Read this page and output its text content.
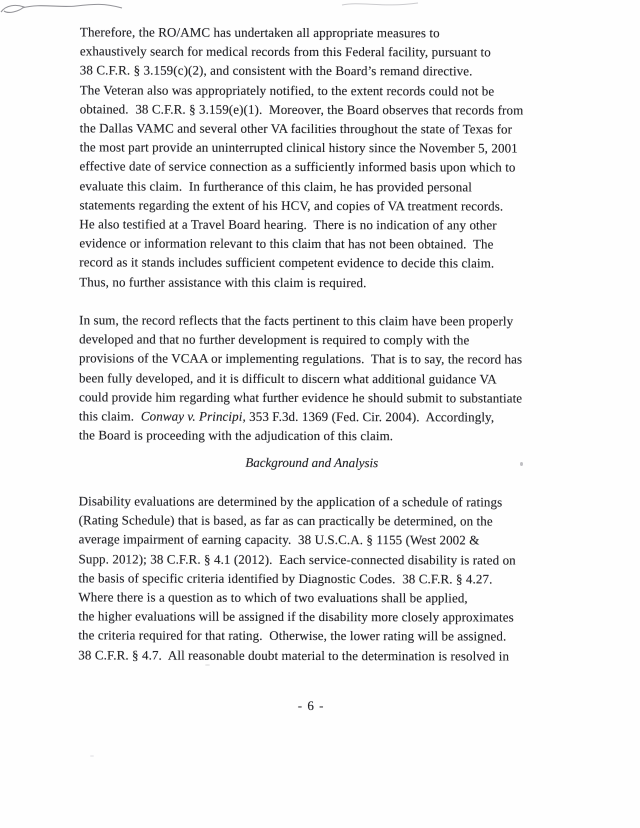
Therefore, the RO/AMC has undertaken all appropriate measures to
exhaustively search for medical records from this Federal facility, pursuant to
38 C.F.R. § 3.159(c)(2), and consistent with the Board’s remand directive.
The Veteran also was appropriately notified, to the extent records could not be
obtained.  38 C.F.R. § 3.159(e)(1).  Moreover, the Board observes that records from
the Dallas VAMC and several other VA facilities throughout the state of Texas for
the most part provide an uninterrupted clinical history since the November 5, 2001
effective date of service connection as a sufficiently informed basis upon which to
evaluate this claim.  In furtherance of this claim, he has provided personal
statements regarding the extent of his HCV, and copies of VA treatment records.
He also testified at a Travel Board hearing.  There is no indication of any other
evidence or information relevant to this claim that has not been obtained.  The
record as it stands includes sufficient competent evidence to decide this claim.
Thus, no further assistance with this claim is required.
In sum, the record reflects that the facts pertinent to this claim have been properly
developed and that no further development is required to comply with the
provisions of the VCAA or implementing regulations.  That is to say, the record has
been fully developed, and it is difficult to discern what additional guidance VA
could provide him regarding what further evidence he should submit to substantiate
this claim.  Conway v. Principi, 353 F.3d. 1369 (Fed. Cir. 2004).  Accordingly,
the Board is proceeding with the adjudication of this claim.
Background and Analysis
Disability evaluations are determined by the application of a schedule of ratings
(Rating Schedule) that is based, as far as can practically be determined, on the
average impairment of earning capacity.  38 U.S.C.A. § 1155 (West 2002 &
Supp. 2012); 38 C.F.R. § 4.1 (2012).  Each service-connected disability is rated on
the basis of specific criteria identified by Diagnostic Codes.  38 C.F.R. § 4.27.
Where there is a question as to which of two evaluations shall be applied,
the higher evaluations will be assigned if the disability more closely approximates
the criteria required for that rating.  Otherwise, the lower rating will be assigned.
38 C.F.R. § 4.7.  All reasonable doubt material to the determination is resolved in
- 6 -
